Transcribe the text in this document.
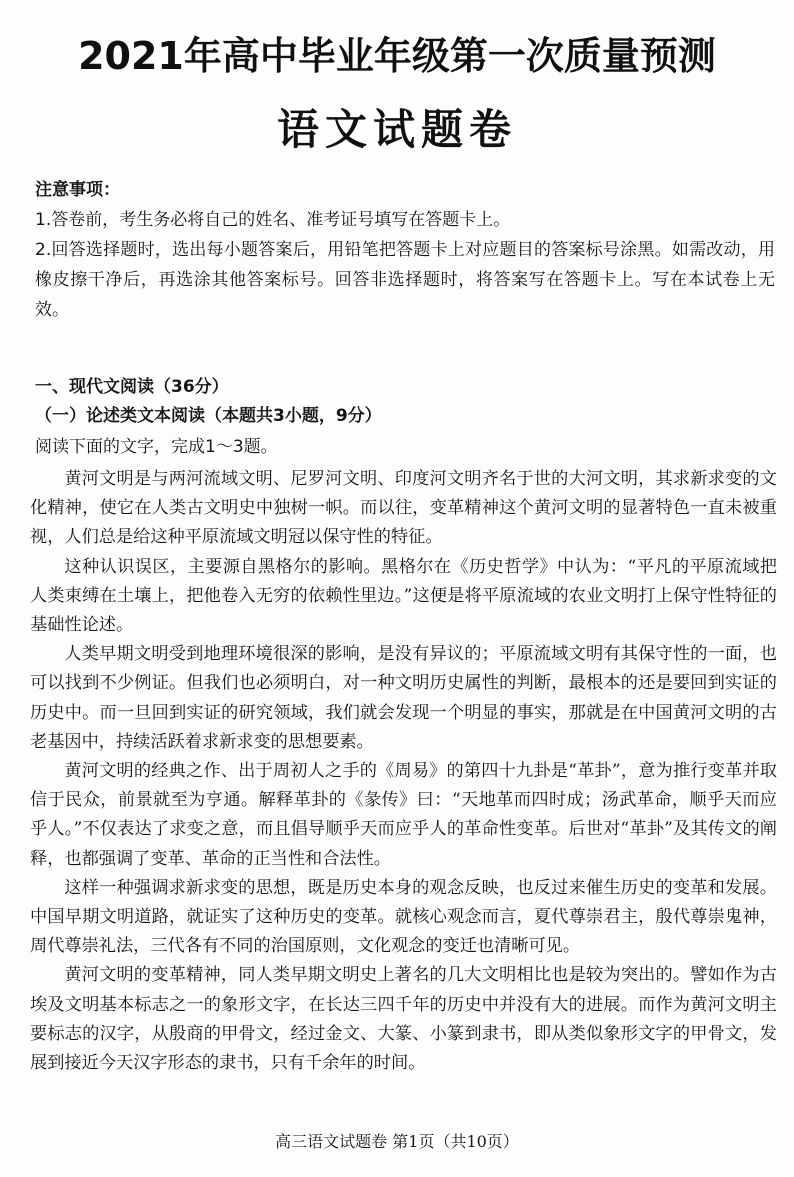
2021年高中毕业年级第一次质量预测
语文试题卷

注意事项：

1.答卷前，考生务必将自己的姓名、准考证号填写在答题卡上。

2.回答选择题时，选出每小题答案后，用铅笔把答题卡上对应题目的答案标号涂黑。如需改动，用橡皮擦干净后，再选涂其他答案标号。回答非选择题时，将答案写在答题卡上。写在本试卷上无效。

一、现代文阅读（36分）
（一）论述类文本阅读（本题共3小题，9分）
阅读下面的文字，完成1～3题。

黄河文明是与两河流域文明、尼罗河文明、印度河文明齐名于世的大河文明，其求新求变的文化精神，使它在人类古文明史中独树一帜。而以往，变革精神这个黄河文明的显著特色一直未被重视，人们总是给这种平原流域文明冠以保守性的特征。

这种认识误区，主要源自黑格尔的影响。黑格尔在《历史哲学》中认为：“平凡的平原流域把人类束缚在土壤上，把他卷入无穷的依赖性里边。”这便是将平原流域的农业文明打上保守性特征的基础性论述。

人类早期文明受到地理环境很深的影响，是没有异议的；平原流域文明有其保守性的一面，也可以找到不少例证。但我们也必须明白，对一种文明历史属性的判断，最根本的还是要回到实证的历史中。而一旦回到实证的研究领域，我们就会发现一个明显的事实，那就是在中国黄河文明的古老基因中，持续活跃着求新求变的思想要素。

黄河文明的经典之作、出于周初人之手的《周易》的第四十九卦是“革卦”，意为推行变革并取信于民众，前景就至为亨通。解释革卦的《彖传》曰：“天地革而四时成；汤武革命，顺乎天而应乎人。”不仅表达了求变之意，而且倡导顺乎天而应乎人的革命性变革。后世对“革卦”及其传文的阐释，也都强调了变革、革命的正当性和合法性。

这样一种强调求新求变的思想，既是历史本身的观念反映，也反过来催生历史的变革和发展。中国早期文明道路，就证实了这种历史的变革。就核心观念而言，夏代尊崇君主，殷代尊崇鬼神，周代尊崇礼法，三代各有不同的治国原则，文化观念的变迁也清晰可见。

黄河文明的变革精神，同人类早期文明史上著名的几大文明相比也是较为突出的。譬如作为古埃及文明基本标志之一的象形文字，在长达三四千年的历史中并没有大的进展。而作为黄河文明主要标志的汉字，从殷商的甲骨文，经过金文、大篆、小篆到隶书，即从类似象形文字的甲骨文，发展到接近今天汉字形态的隶书，只有千余年的时间。

高三语文试题卷 第1页（共10页）
